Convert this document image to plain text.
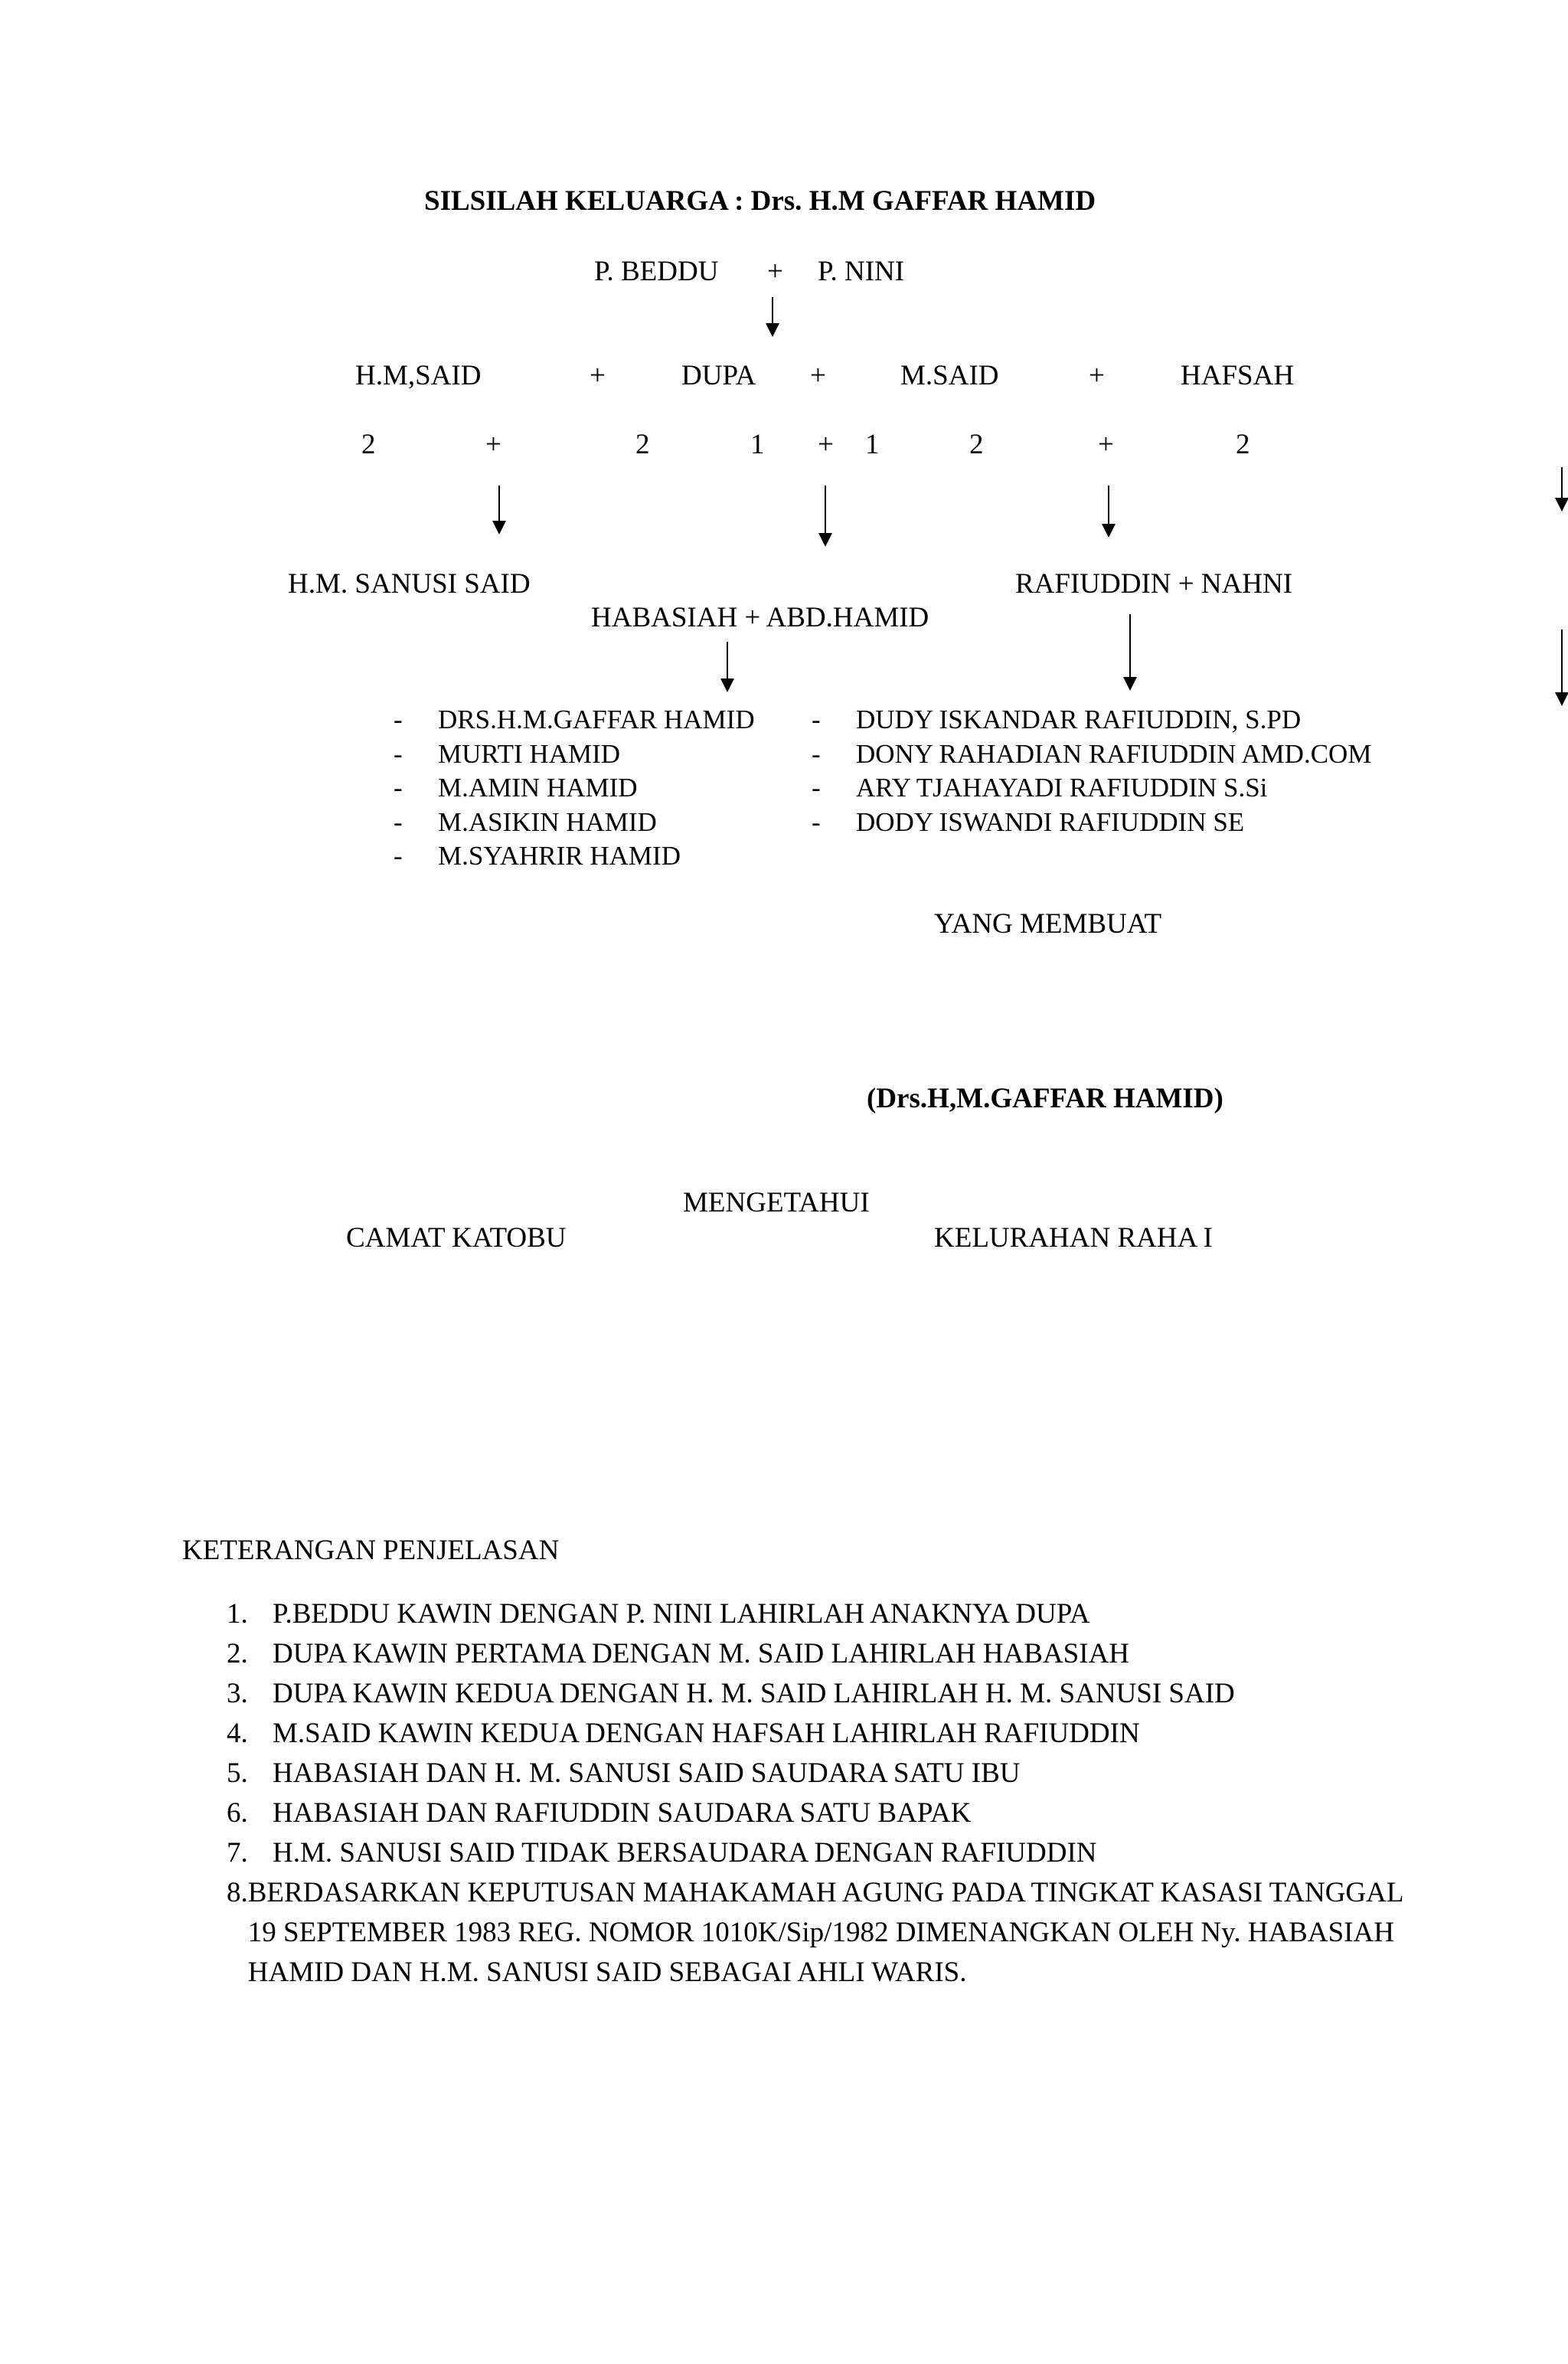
SILSILAH KELUARGA : Drs. H.M GAFFAR HAMID
P. BEDDU + P. NINI
H.M,SAID	+	DUPA +	M.SAID	+	HAFSAH
2	+	2	1 + 1	2	+	2
H.M. SANUSI SAID
HABASIAH + ABD.HAMID
RAFIUDDIN + NAHNI
- DRS.H.M.GAFFAR HAMID
- MURTI HAMID
- M.AMIN HAMID
- M.ASIKIN HAMID
- M.SYAHRIR HAMID
- DUDY ISKANDAR RAFIUDDIN, S.PD
- DONY RAHADIAN RAFIUDDIN AMD.COM
- ARY TJAHAYADI RAFIUDDIN S.Si
- DODY ISWANDI RAFIUDDIN SE
YANG MEMBUAT
(Drs.H,M.GAFFAR HAMID)
MENGETAHUI
CAMAT KATOBU	KELURAHAN RAHA I
KETERANGAN PENJELASAN
1. P.BEDDU KAWIN DENGAN P. NINI LAHIRLAH ANAKNYA DUPA
2. DUPA KAWIN PERTAMA DENGAN M. SAID LAHIRLAH HABASIAH
3. DUPA KAWIN KEDUA DENGAN H. M. SAID LAHIRLAH H. M. SANUSI SAID
4. M.SAID KAWIN KEDUA DENGAN HAFSAH LAHIRLAH RAFIUDDIN
5. HABASIAH DAN H. M. SANUSI SAID SAUDARA SATU IBU
6. HABASIAH DAN RAFIUDDIN SAUDARA SATU BAPAK
7. H.M. SANUSI SAID TIDAK BERSAUDARA DENGAN RAFIUDDIN
8. BERDASARKAN KEPUTUSAN MAHAKAMAH AGUNG PADA TINGKAT KASASI TANGGAL 19 SEPTEMBER 1983 REG. NOMOR 1010K/Sip/1982 DIMENANGKAN OLEH Ny. HABASIAH HAMID DAN H.M. SANUSI SAID SEBAGAI AHLI WARIS.
